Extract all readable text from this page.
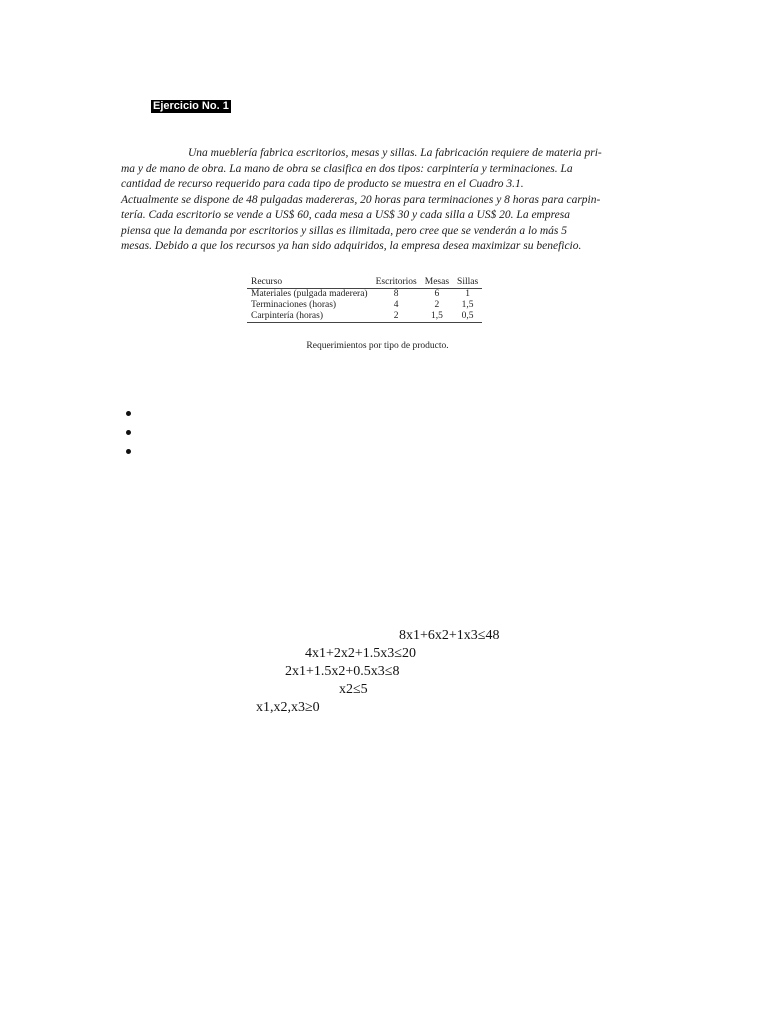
Ejercicio No. 1

Una mueblería fabrica escritorios, mesas y sillas. La fabricación requiere de materia pri-
ma y de mano de obra. La mano de obra se clasifica en dos tipos: carpintería y terminaciones. La
cantidad de recurso requerido para cada tipo de producto se muestra en el Cuadro 3.1.
Actualmente se dispone de 48 pulgadas madereras, 20 horas para terminaciones y 8 horas para carpin-
tería. Cada escritorio se vende a US$ 60, cada mesa a US$ 30 y cada silla a US$ 20. La empresa
piensa que la demanda por escritorios y sillas es ilimitada, pero cree que se venderán a lo más 5
mesas. Debido a que los recursos ya han sido adquiridos, la empresa desea maximizar su beneficio.

Recurso	Escritorios	Mesas	Sillas
Materiales (pulgada maderera)	8	6	1
Terminaciones (horas)	4	2	1,5
Carpintería (horas)	2	1,5	0,5
Requerimientos por tipo de producto.
8x1+6x2+1x3≤48
4x1+2x2+1.5x3≤20
2x1+1.5x2+0.5x3≤8
x2≤5
x1,x2,x3≥0
